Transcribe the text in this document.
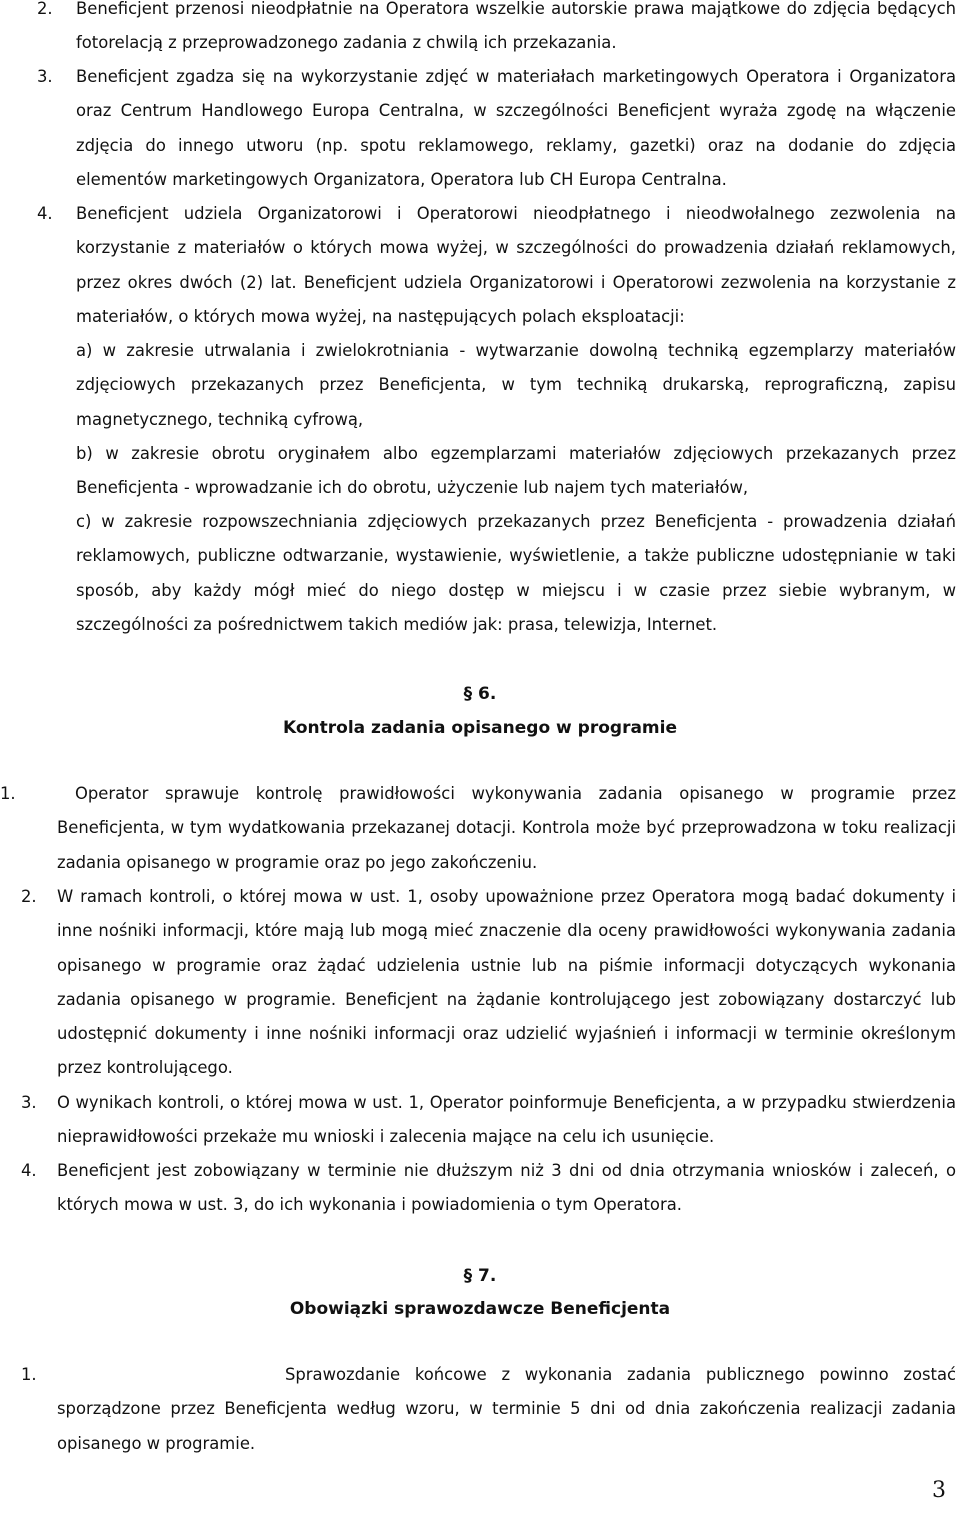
2. Beneficjent przenosi nieodpłatnie na Operatora wszelkie autorskie prawa majątkowe do zdjęcia będących fotorelacją z przeprowadzonego zadania z chwilą ich przekazania.
3. Beneficjent zgadza się na wykorzystanie zdjęć w materiałach marketingowych Operatora i Organizatora oraz Centrum Handlowego Europa Centralna, w szczególności Beneficjent wyraża zgodę na włączenie zdjęcia do innego utworu (np. spotu reklamowego, reklamy, gazetki) oraz na dodanie do zdjęcia elementów marketingowych Organizatora, Operatora lub CH Europa Centralna.
4. Beneficjent udziela Organizatorowi i Operatorowi nieodpłatnego i nieodwołalnego zezwolenia na korzystanie z materiałów o których mowa wyżej, w szczególności do prowadzenia działań reklamowych, przez okres dwóch (2) lat. Beneficjent udziela Organizatorowi i Operatorowi zezwolenia na korzystanie z materiałów, o których mowa wyżej, na następujących polach eksploatacji:
a) w zakresie utrwalania i zwielokrotniania - wytwarzanie dowolną techniką egzemplarzy materiałów zdjęciowych przekazanych przez Beneficjenta, w tym techniką drukarską, reprograficzną, zapisu magnetycznego, techniką cyfrową,
b) w zakresie obrotu oryginałem albo egzemplarzami materiałów zdjęciowych przekazanych przez Beneficjenta - wprowadzanie ich do obrotu, użyczenie lub najem tych materiałów,
c) w zakresie rozpowszechniania zdjęciowych przekazanych przez Beneficjenta - prowadzenia działań reklamowych, publiczne odtwarzanie, wystawienie, wyświetlenie, a także publiczne udostępnianie w taki sposób, aby każdy mógł mieć do niego dostęp w miejscu i w czasie przez siebie wybranym, w szczególności za pośrednictwem takich mediów jak: prasa, telewizja, Internet.
§ 6.
Kontrola zadania opisanego w programie
1.	Operator sprawuje kontrolę prawidłowości wykonywania zadania opisanego w programie przez Beneficjenta, w tym wydatkowania przekazanej dotacji. Kontrola może być przeprowadzona w toku realizacji zadania opisanego w programie oraz po jego zakończeniu.
2. W ramach kontroli, o której mowa w ust. 1, osoby upoważnione przez Operatora mogą badać dokumenty i inne nośniki informacji, które mają lub mogą mieć znaczenie dla oceny prawidłowości wykonywania zadania opisanego w programie oraz żądać udzielenia ustnie lub na piśmie informacji dotyczących wykonania zadania opisanego w programie. Beneficjent na żądanie kontrolującego jest zobowiązany dostarczyć lub udostępnić dokumenty i inne nośniki informacji oraz udzielić wyjaśnień i informacji w terminie określonym przez kontrolującego.
3. O wynikach kontroli, o której mowa w ust. 1, Operator poinformuje Beneficjenta, a w przypadku stwierdzenia nieprawidłowości przekaże mu wnioski i zalecenia mające na celu ich usunięcie.
4. Beneficjent jest zobowiązany w terminie nie dłuższym niż 3 dni od dnia otrzymania wniosków i zaleceń, o których mowa w ust. 3, do ich wykonania i powiadomienia o tym Operatora.
§ 7.
Obowiązki sprawozdawcze Beneficjenta
1.	Sprawozdanie końcowe z wykonania zadania publicznego powinno zostać sporządzone przez Beneficjenta według wzoru, w terminie 5 dni od dnia zakończenia realizacji zadania opisanego w programie.
3
